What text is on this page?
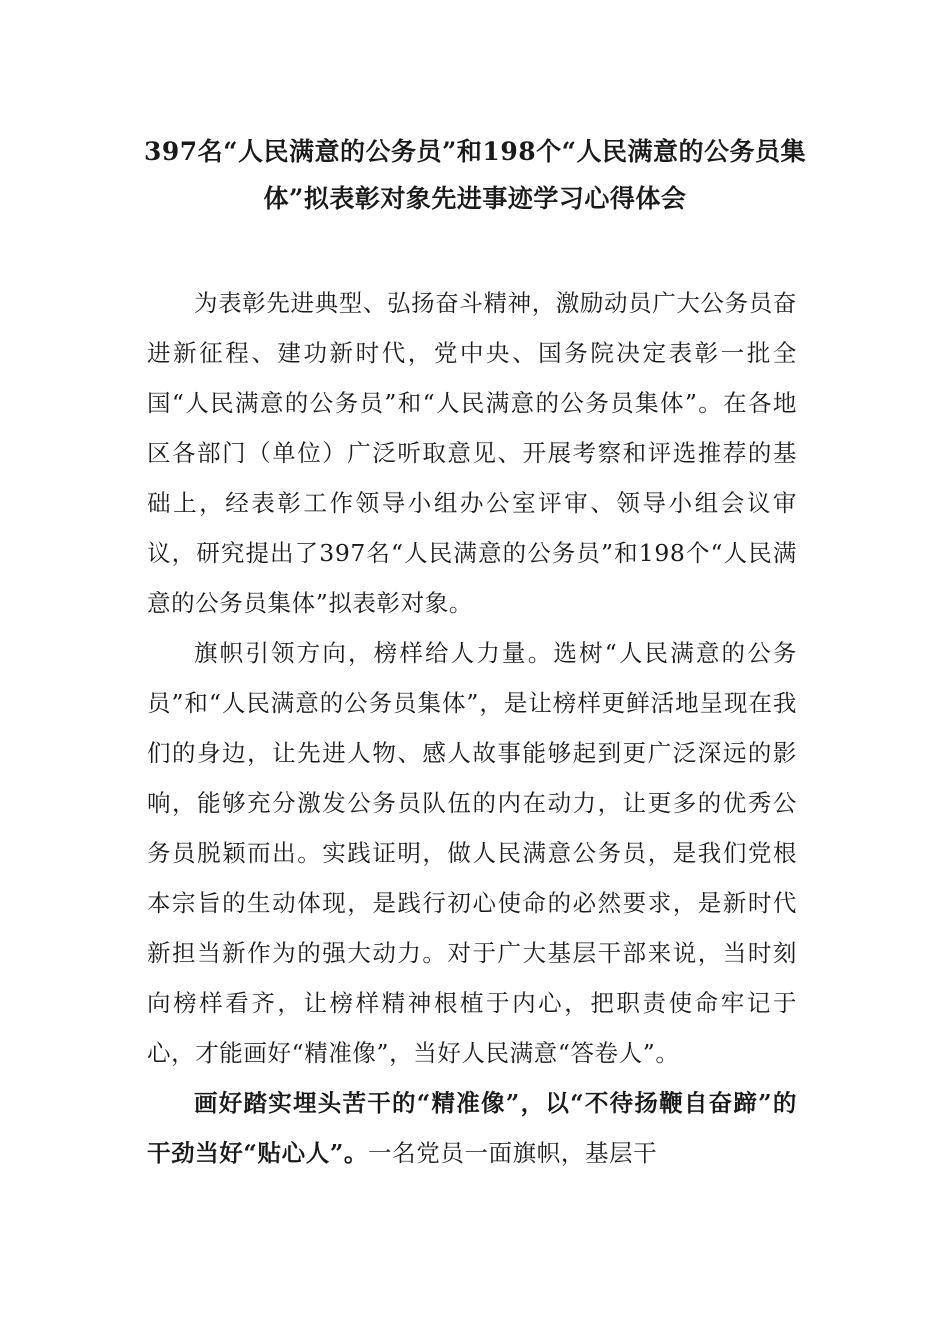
397名“人民满意的公务员”和198个“人民满意的公务员集体”拟表彰对象先进事迹学习心得体会

为表彰先进典型、弘扬奋斗精神，激励动员广大公务员奋进新征程、建功新时代，党中央、国务院决定表彰一批全国“人民满意的公务员”和“人民满意的公务员集体”。在各地区各部门（单位）广泛听取意见、开展考察和评选推荐的基础上，经表彰工作领导小组办公室评审、领导小组会议审议，研究提出了397名“人民满意的公务员”和198个“人民满意的公务员集体”拟表彰对象。

旗帜引领方向，榜样给人力量。选树“人民满意的公务员”和“人民满意的公务员集体”，是让榜样更鲜活地呈现在我们的身边，让先进人物、感人故事能够起到更广泛深远的影响，能够充分激发公务员队伍的内在动力，让更多的优秀公务员脱颖而出。实践证明，做人民满意公务员，是我们党根本宗旨的生动体现，是践行初心使命的必然要求，是新时代新担当新作为的强大动力。对于广大基层干部来说，当时刻向榜样看齐，让榜样精神根植于内心，把职责使命牢记于心，才能画好“精准像”，当好人民满意“答卷人”。

画好踏实埋头苦干的“精准像”，以“不待扬鞭自奋蹄”的干劲当好“贴心人”。一名党员一面旗帜，基层干
